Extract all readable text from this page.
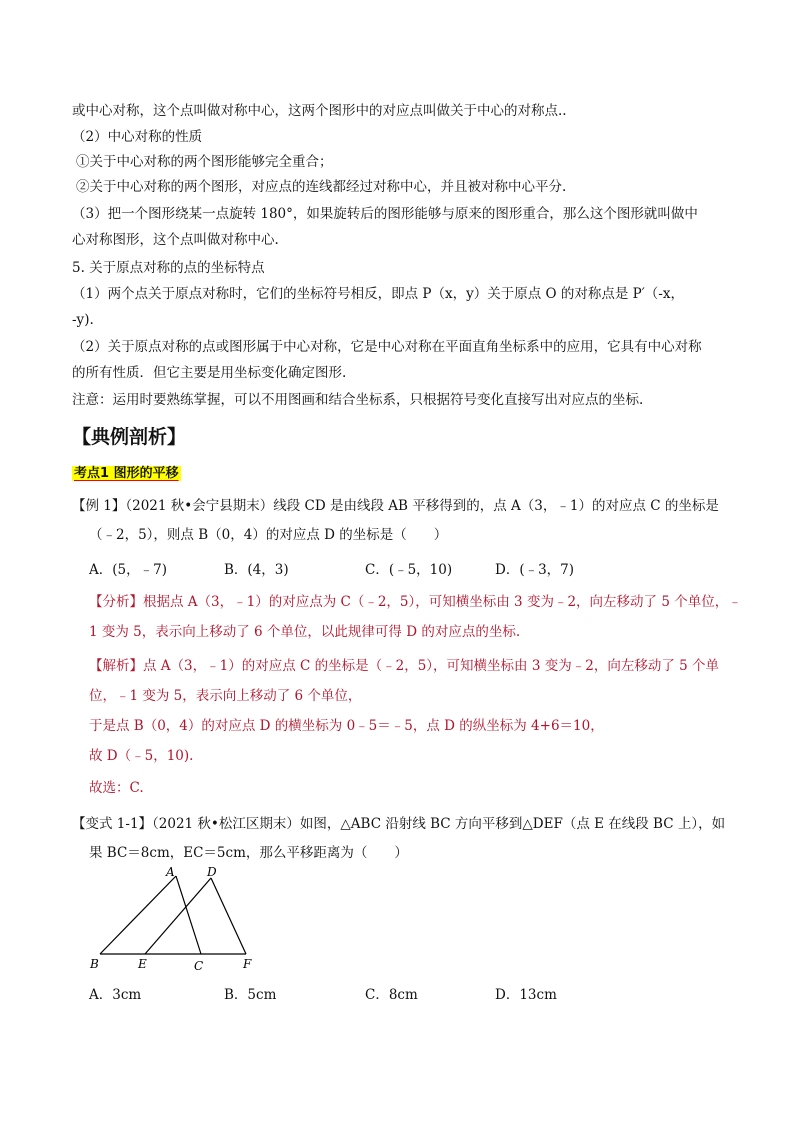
或中心对称，这个点叫做对称中心，这两个图形中的对应点叫做关于中心的对称点..
（2）中心对称的性质
①关于中心对称的两个图形能够完全重合；
②关于中心对称的两个图形，对应点的连线都经过对称中心，并且被对称中心平分.
（3）把一个图形绕某一点旋转 180°，如果旋转后的图形能够与原来的图形重合，那么这个图形就叫做中
心对称图形，这个点叫做对称中心.
5. 关于原点对称的点的坐标特点
（1）两个点关于原点对称时，它们的坐标符号相反，即点 P（x，y）关于原点 O 的对称点是 P′（-x，
-y).
（2）关于原点对称的点或图形属于中心对称，它是中心对称在平面直角坐标系中的应用，它具有中心对称
的所有性质．但它主要是用坐标变化确定图形.
注意：运用时要熟练掌握，可以不用图画和结合坐标系，只根据符号变化直接写出对应点的坐标.
【典例剖析】
考点1 图形的平移
【例 1】（2021 秋•会宁县期末）线段 CD 是由线段 AB 平移得到的，点 A（3，﹣1）的对应点 C 的坐标是
（﹣2，5），则点 B（0，4）的对应点 D 的坐标是（　　）
A．(5，﹣7)	B．(4，3)	C．(﹣5，10)	D．(﹣3，7)
【分析】根据点 A（3，﹣1）的对应点为 C（﹣2，5），可知横坐标由 3 变为﹣2，向左移动了 5 个单位，﹣
1 变为 5，表示向上移动了 6 个单位，以此规律可得 D 的对应点的坐标.
【解析】点 A（3，﹣1）的对应点 C 的坐标是（﹣2，5），可知横坐标由 3 变为﹣2，向左移动了 5 个单
位，﹣1 变为 5，表示向上移动了 6 个单位，
于是点 B（0，4）的对应点 D 的横坐标为 0﹣5＝﹣5，点 D 的纵坐标为 4+6＝10，
故 D（﹣5，10).
故选：C.
【变式 1-1】（2021 秋•松江区期末）如图，△ABC 沿射线 BC 方向平移到△DEF（点 E 在线段 BC 上），如
果 BC＝8cm，EC＝5cm，那么平移距离为（　　）
A	D
B	E	C	F
A．3cm	B．5cm	C．8cm	D．13cm
